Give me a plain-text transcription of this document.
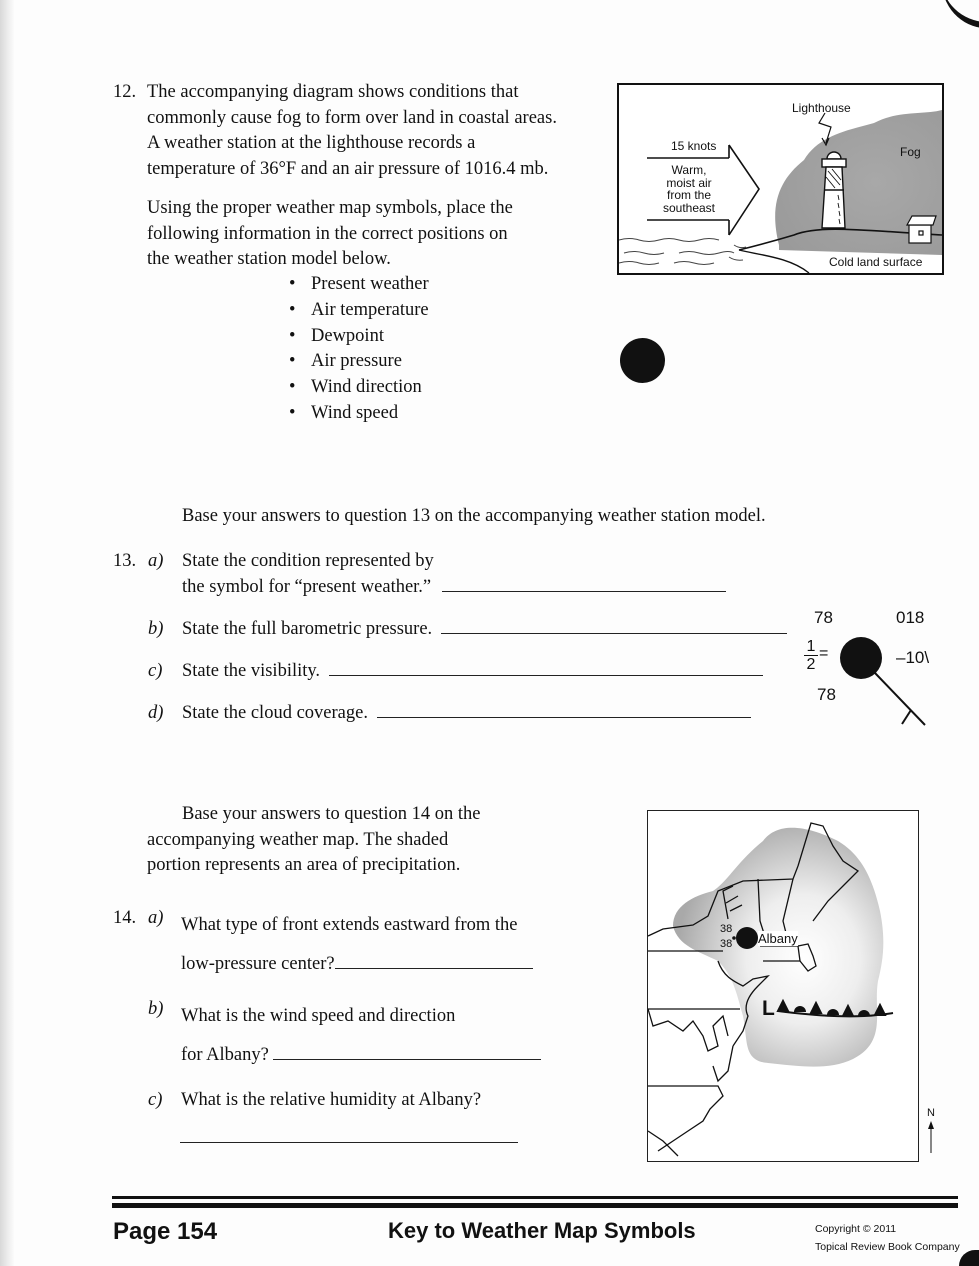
12. The accompanying diagram shows conditions that
commonly cause fog to form over land in coastal areas.
A weather station at the lighthouse records a
temperature of 36°F and an air pressure of 1016.4 mb.
Using the proper weather map symbols, place the
following information in the correct positions on
the weather station model below.
• Present weather
• Air temperature
• Dewpoint
• Air pressure
• Wind direction
• Wind speed
Lighthouse
Fog
15 knots
Warm,
moist air
from the
southeast
Cold land surface
Base your answers to question 13 on the accompanying weather station model.
13. a) State the condition represented by
the symbol for “present weather.”
b) State the full barometric pressure.
c) State the visibility.
d) State the cloud coverage.
78	018
$\frac{1}{2}$ =	–10\
78
Base your answers to question 14 on the
accompanying weather map. The shaded
portion represents an area of precipitation.
14. a) What type of front extends eastward from the
low-pressure center?
b) What is the wind speed and direction
for Albany?
c) What is the relative humidity at Albany?
38
38 Albany
L
N
Page 154	Key to Weather Map Symbols	Copyright © 2011
Topical Review Book Company
